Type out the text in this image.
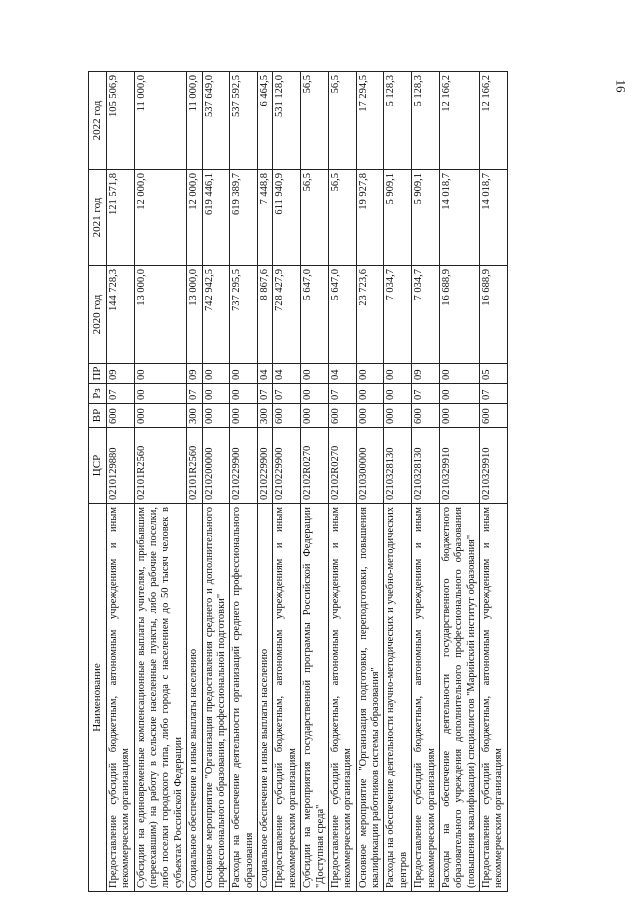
16
Наименование	ЦСР	ВР	Рз	ПР	2020 год	2021 год	2022 год
Предоставление субсидий бюджетным, автономным учреждениям и иным некоммерческим организациям	0210129880	600	07	09	144 728,3	121 571,8	105 506,9
Субсидии на единовременные компенсационные выплаты учителям, прибывшим (переехавшим) на работу в сельские населенные пункты, либо рабочие поселки, либо поселки городского типа, либо города с населением до 50 тысяч человек в субъектах Российской Федерации	02101R2560	000	00	00	13 000,0	12 000,0	11 000,0
Социальное обеспечение и иные выплаты населению	02101R2560	300	07	09	13 000,0	12 000,0	11 000,0
Основное мероприятие "Организация предоставления среднего и дополнительного профессионального образования, профессиональной подготовки"	0210200000	000	00	00	742 942,5	619 446,1	537 649,0
Расходы на обеспечение деятельности организаций среднего профессионального образования	0210229900	000	00	00	737 295,5	619 389,7	537 592,5
Социальное обеспечение и иные выплаты населению	0210229900	300	07	04	8 867,6	7 448,8	6 464,5
Предоставление субсидий бюджетным, автономным учреждениям и иным некоммерческим организациям	0210229900	600	07	04	728 427,9	611 940,9	531 128,0
Субсидии на мероприятия государственной программы Российской Федерации "Доступная среда"	02102R0270	000	00	00	5 647,0	56,5	56,5
Предоставление субсидий бюджетным, автономным учреждениям и иным некоммерческим организациям	02102R0270	600	07	04	5 647,0	56,5	56,5
Основное мероприятие "Организация подготовки, переподготовки, повышения квалификации работников системы образования"	0210300000	000	00	00	23 723,6	19 927,8	17 294,5
Расходы на обеспечение деятельности научно-методических и учебно-методических центров	0210328130	000	00	00	7 034,7	5 909,1	5 128,3
Предоставление субсидий бюджетным, автономным учреждениям и иным некоммерческим организациям	0210328130	600	07	09	7 034,7	5 909,1	5 128,3
Расходы на обеспечение деятельности государственного бюджетного образовательного учреждения дополнительного профессионального образования (повышения квалификации) специалистов "Марийский институт образования"	0210329910	000	00	00	16 688,9	14 018,7	12 166,2
Предоставление субсидий бюджетным, автономным учреждениям и иным некоммерческим организациям	0210329910	600	07	05	16 688,9	14 018,7	12 166,2
